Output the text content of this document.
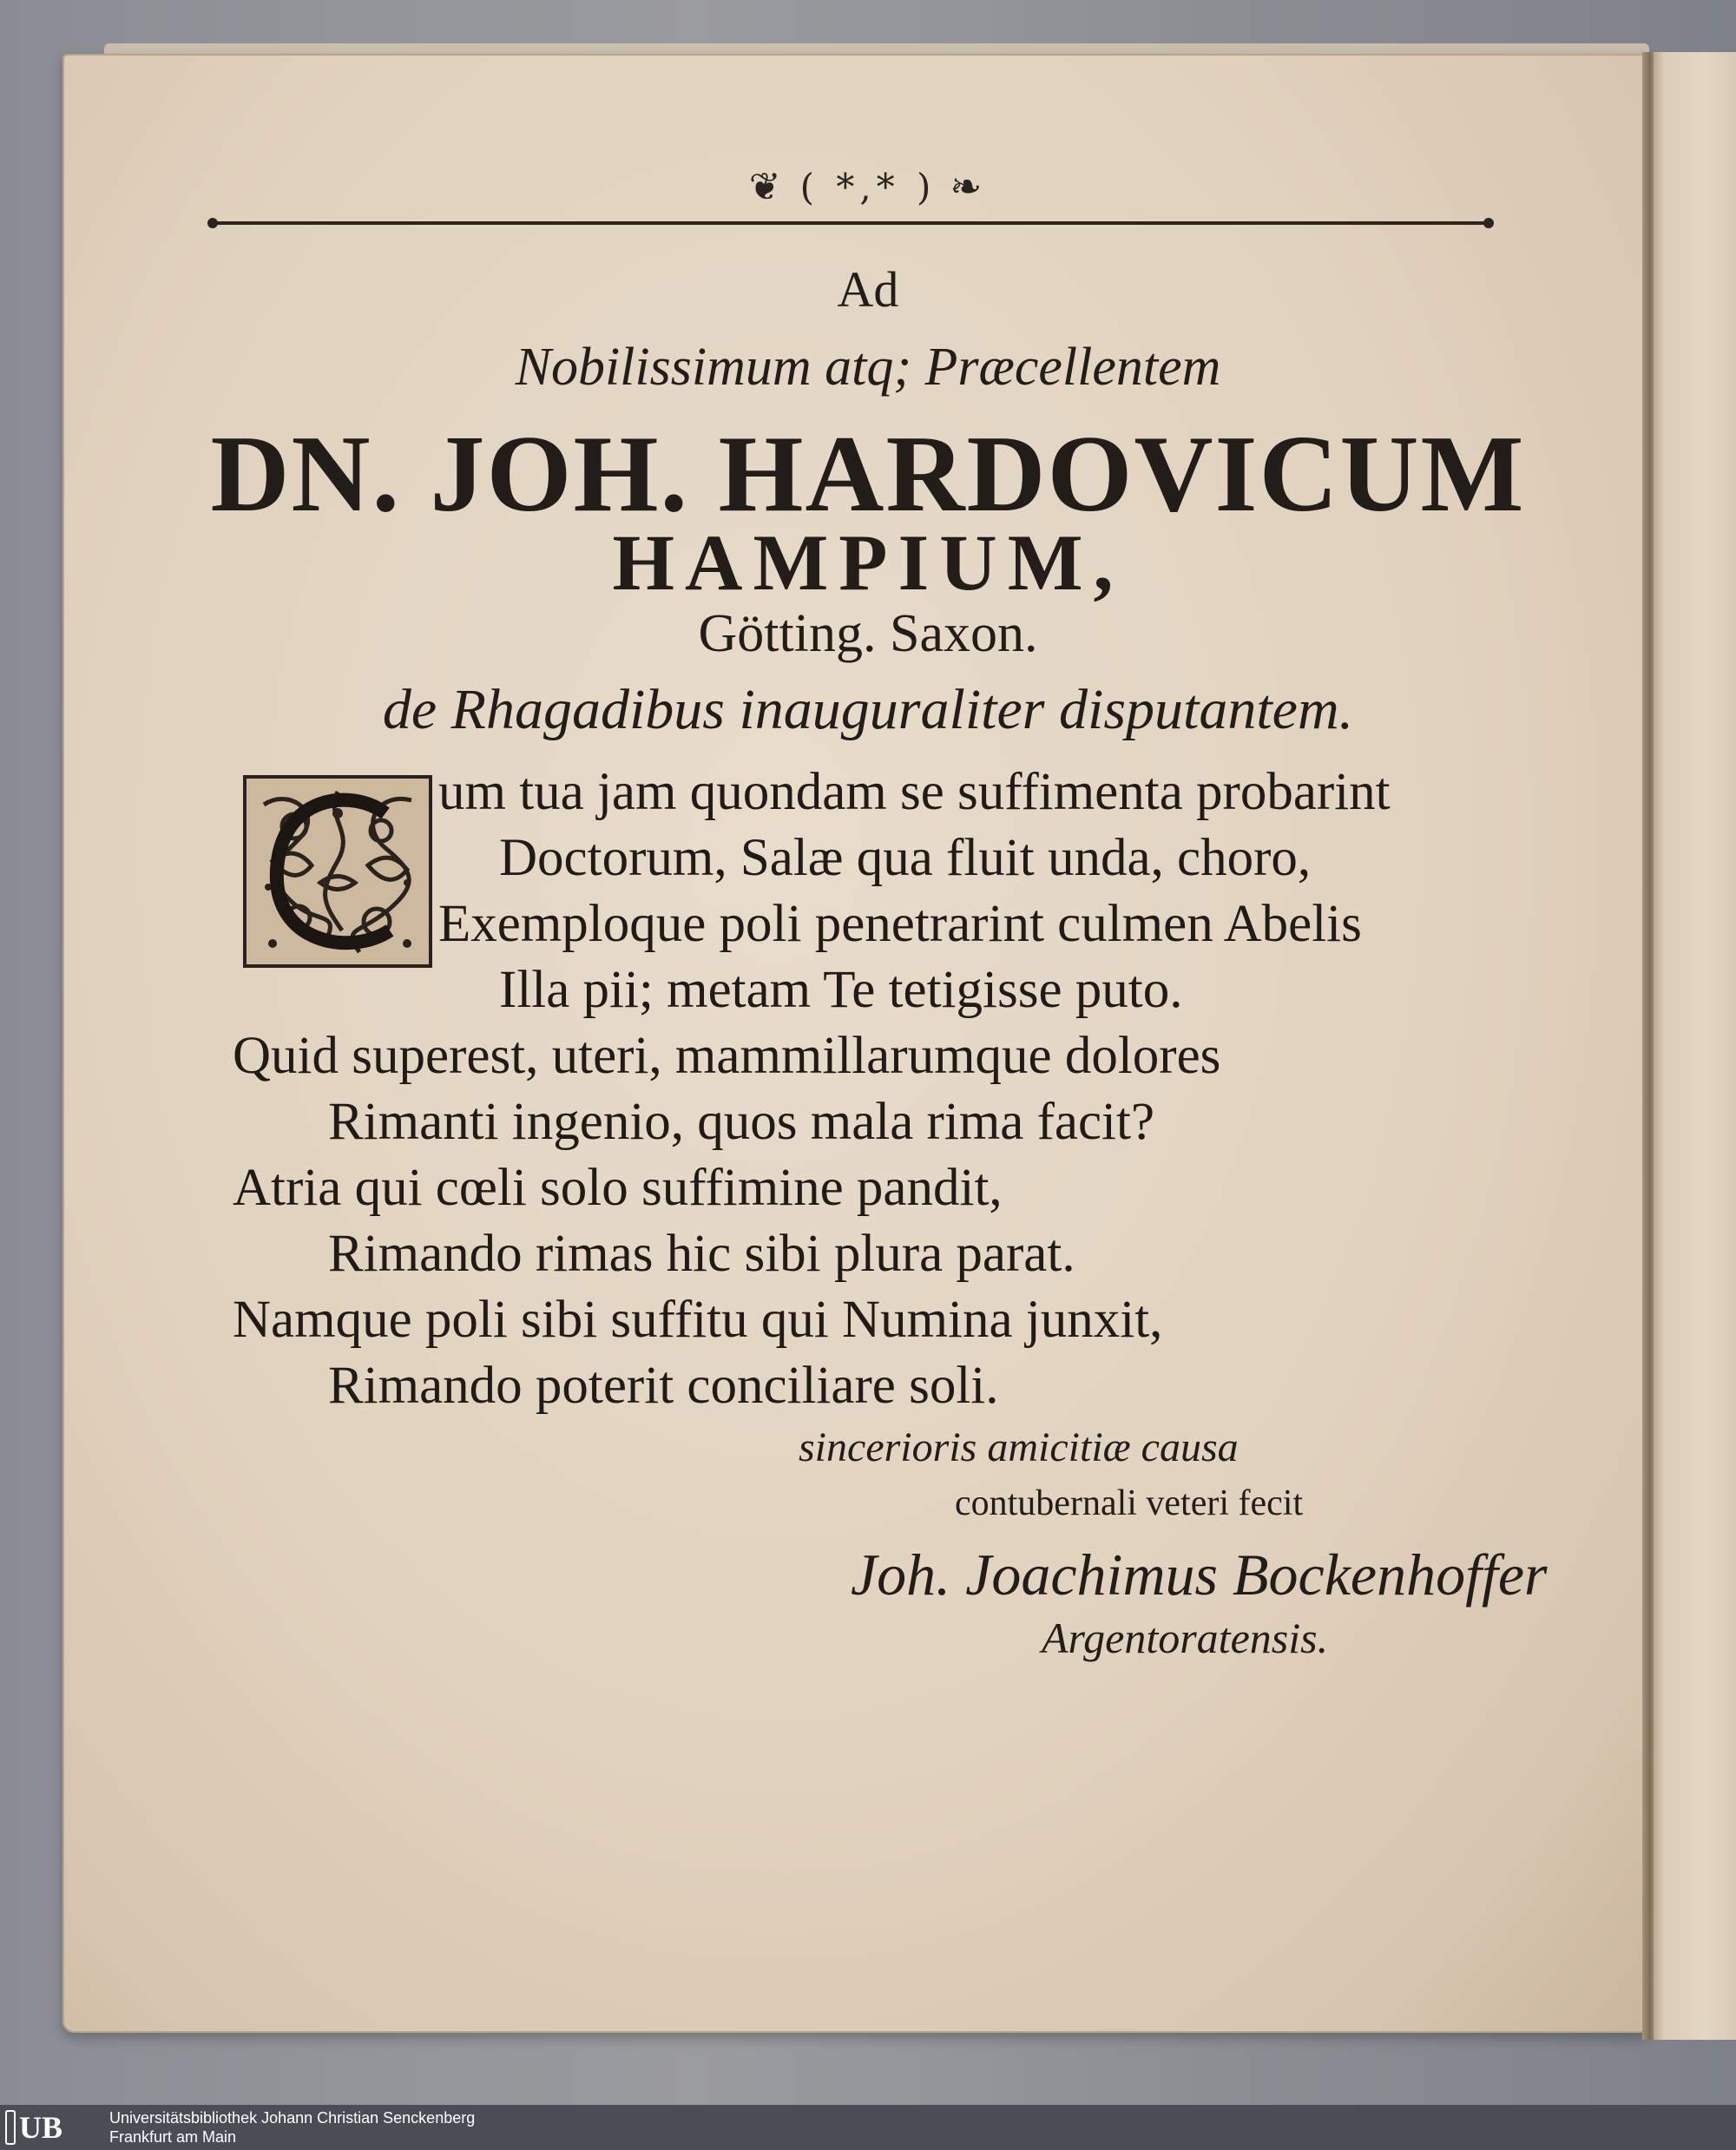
❦ ( *,* ) ❧

Ad

Nobilissimum atq; Præcellentem

DN. JOH. HARDOVICUM

HAMPIUM,

Götting. Saxon.

de Rhagadibus inauguraliter disputantem.

um tua jam quondam se suffimenta probarint

Doctorum, Salæ qua fluit unda, choro,

Exemploque poli penetrarint culmen Abelis

Illa pii; metam Te tetigisse puto.

Quid superest, uteri, mammillarumque dolores

Rimanti ingenio, quos mala rima facit?

Atria qui cœli solo suffimine pandit,

Rimando rimas hic sibi plura parat.

Namque poli sibi suffitu qui Numina junxit,

Rimando poterit conciliare soli.

sincerioris amicitiæ causa

contubernali veteri fecit

Joh. Joachimus Bockenhoffer

Argentoratensis.

UB	Universitätsbibliothek Johann Christian Senckenberg
Frankfurt am Main
